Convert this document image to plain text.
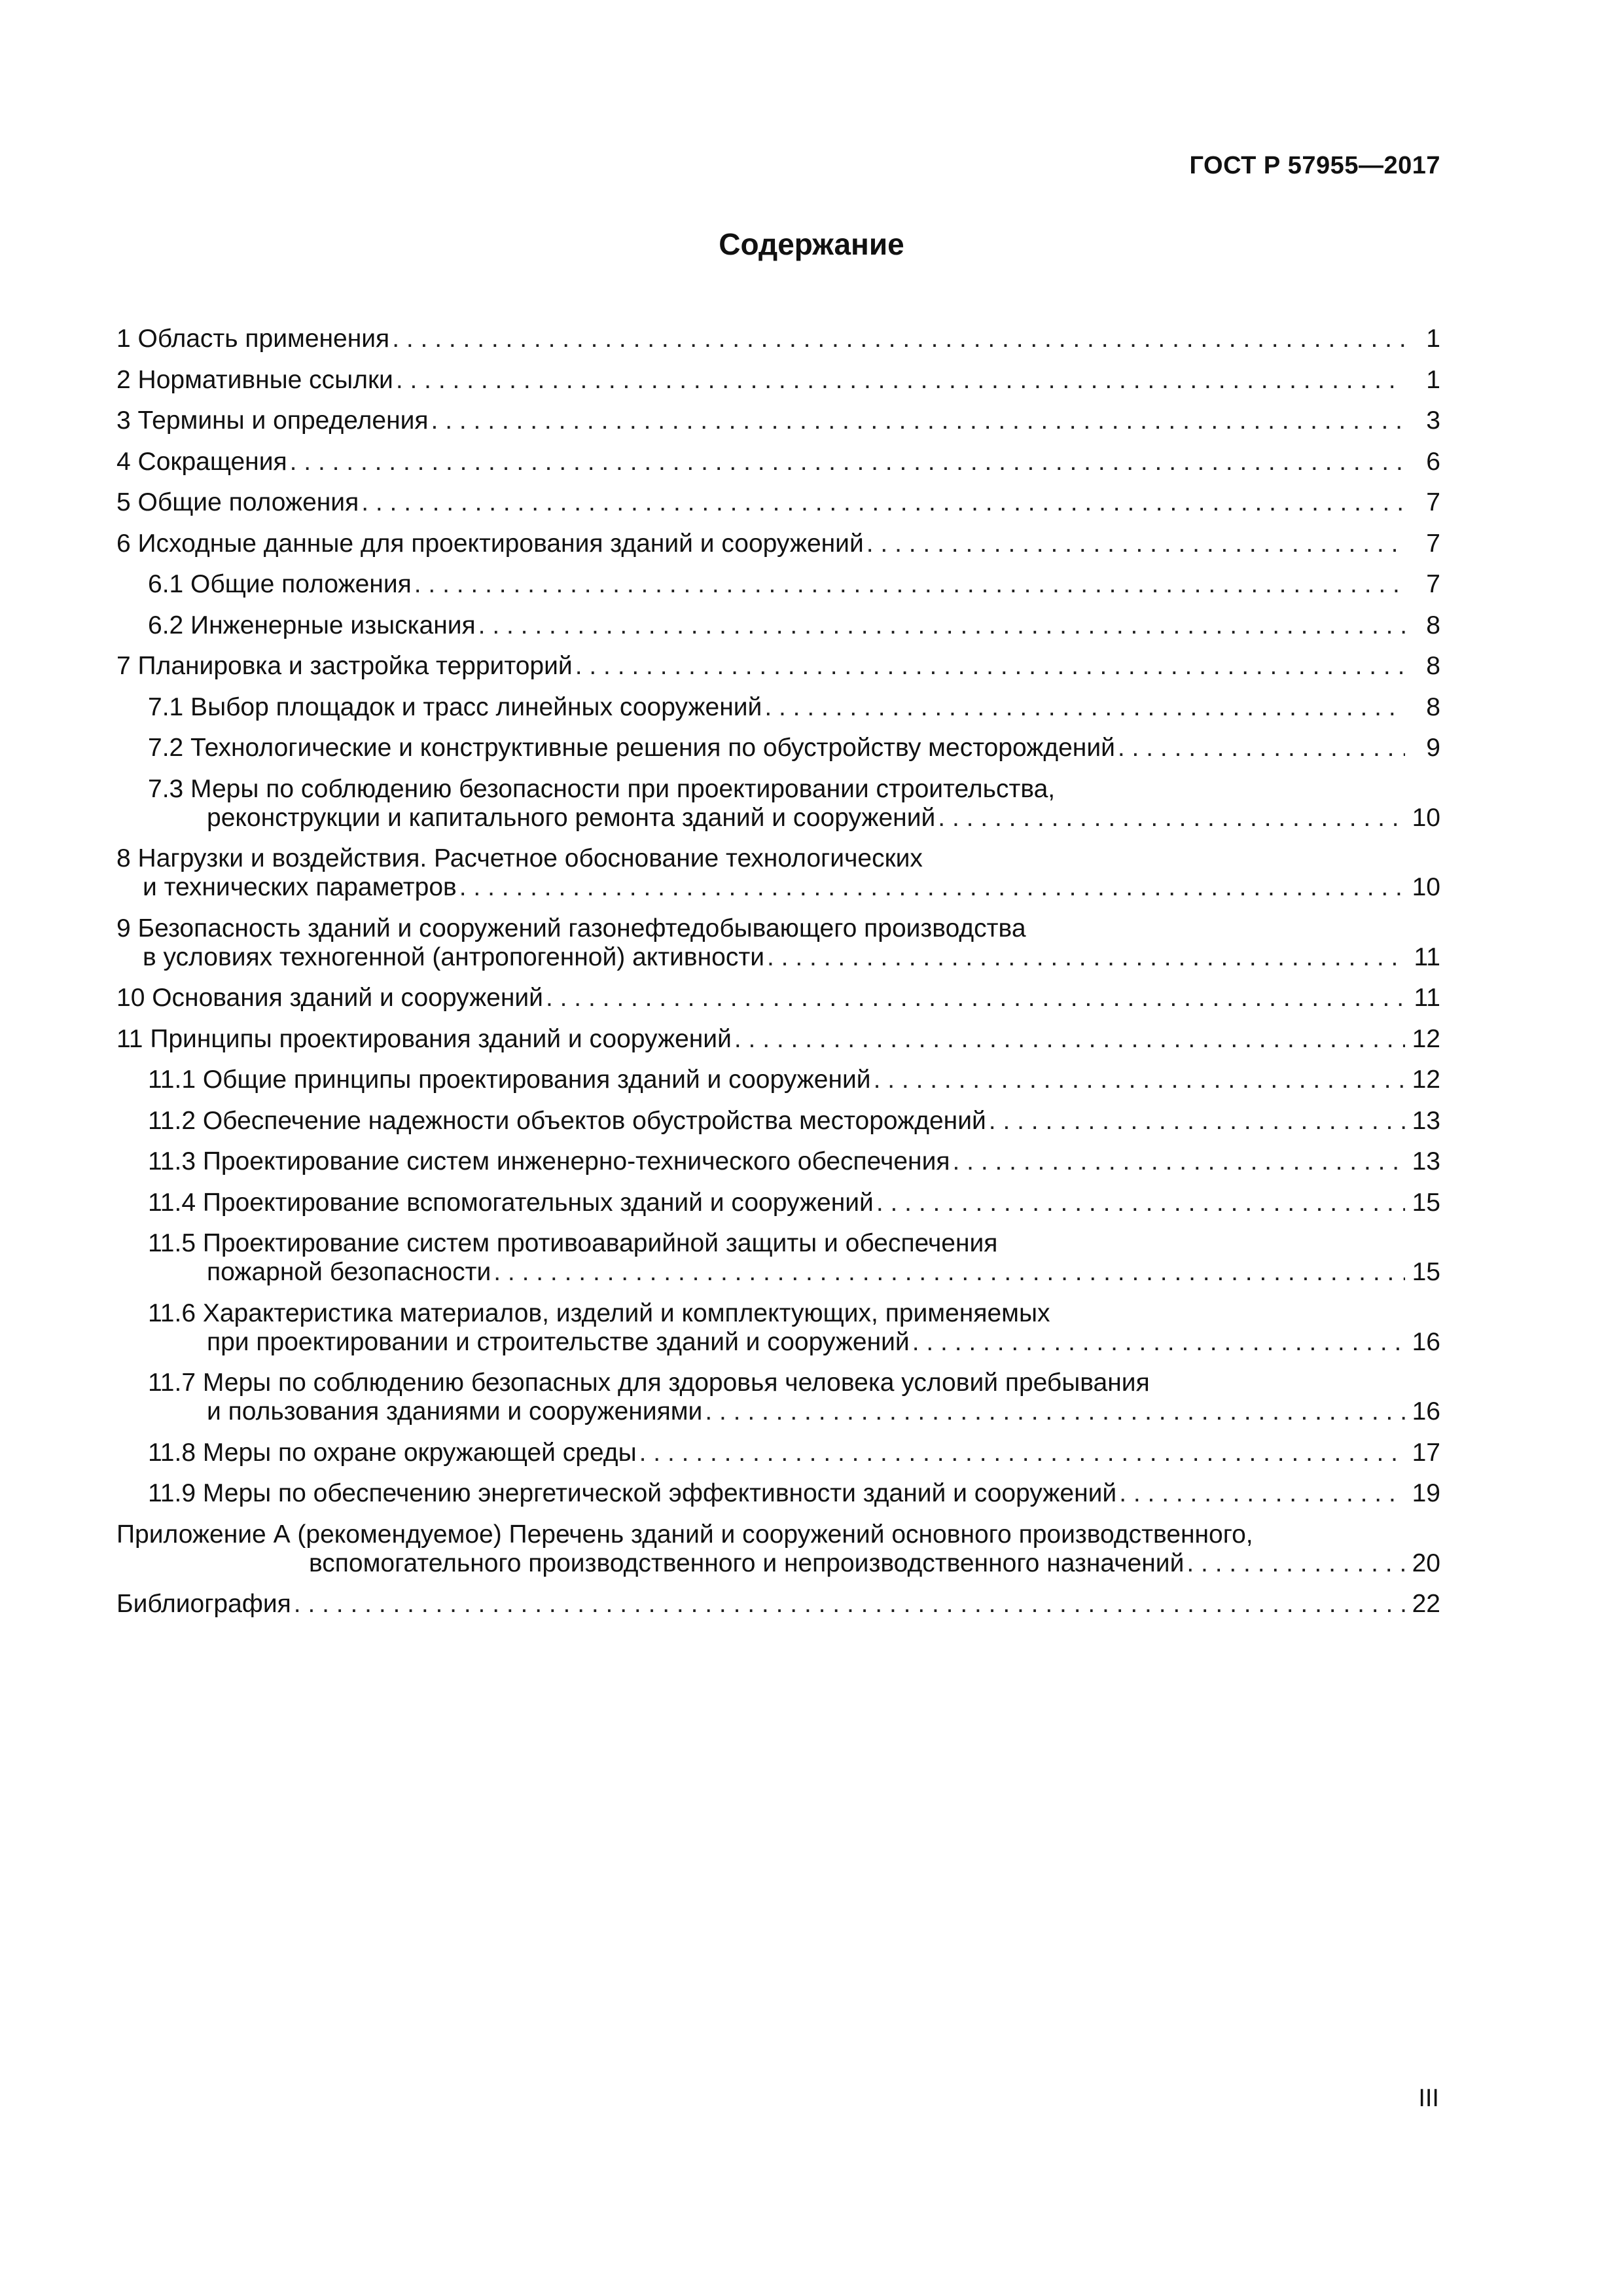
ГОСТ Р 57955—2017
Содержание
1 Область применения . . .	1
2 Нормативные ссылки . . .	1
3 Термины и определения . . .	3
4 Сокращения . . .	6
5 Общие положения . . .	7
6 Исходные данные для проектирования зданий и сооружений . . .	7
6.1 Общие положения . . .	7
6.2 Инженерные изыскания . . .	8
7 Планировка и застройка территорий . . .	8
7.1 Выбор площадок и трасс линейных сооружений . . .	8
7.2 Технологические и конструктивные решения по обустройству месторождений . . .	9
7.3 Меры по соблюдению безопасности при проектировании строительства,
реконструкции и капитального ремонта зданий и сооружений . . .	10
8 Нагрузки и воздействия. Расчетное обоснование технологических
и технических параметров . . .	10
9 Безопасность зданий и сооружений газонефтедобывающего производства
в условиях техногенной (антропогенной) активности . . .	11
10 Основания зданий и сооружений . . .	11
11 Принципы проектирования зданий и сооружений . . .	12
11.1 Общие принципы проектирования зданий и сооружений . . .	12
11.2 Обеспечение надежности объектов обустройства месторождений . . .	13
11.3 Проектирование систем инженерно-технического обеспечения . . .	13
11.4 Проектирование вспомогательных зданий и сооружений . . .	15
11.5 Проектирование систем противоаварийной защиты и обеспечения
пожарной безопасности . . .	15
11.6 Характеристика материалов, изделий и комплектующих, применяемых
при проектировании и строительстве зданий и сооружений . . .	16
11.7 Меры по соблюдению безопасных для здоровья человека условий пребывания
и пользования зданиями и сооружениями . . .	16
11.8 Меры по охране окружающей среды . . .	17
11.9 Меры по обеспечению энергетической эффективности зданий и сооружений . . .	19
Приложение А (рекомендуемое) Перечень зданий и сооружений основного производственного,
вспомогательного производственного и непроизводственного назначений . . .	20
Библиография . . .	22
III
